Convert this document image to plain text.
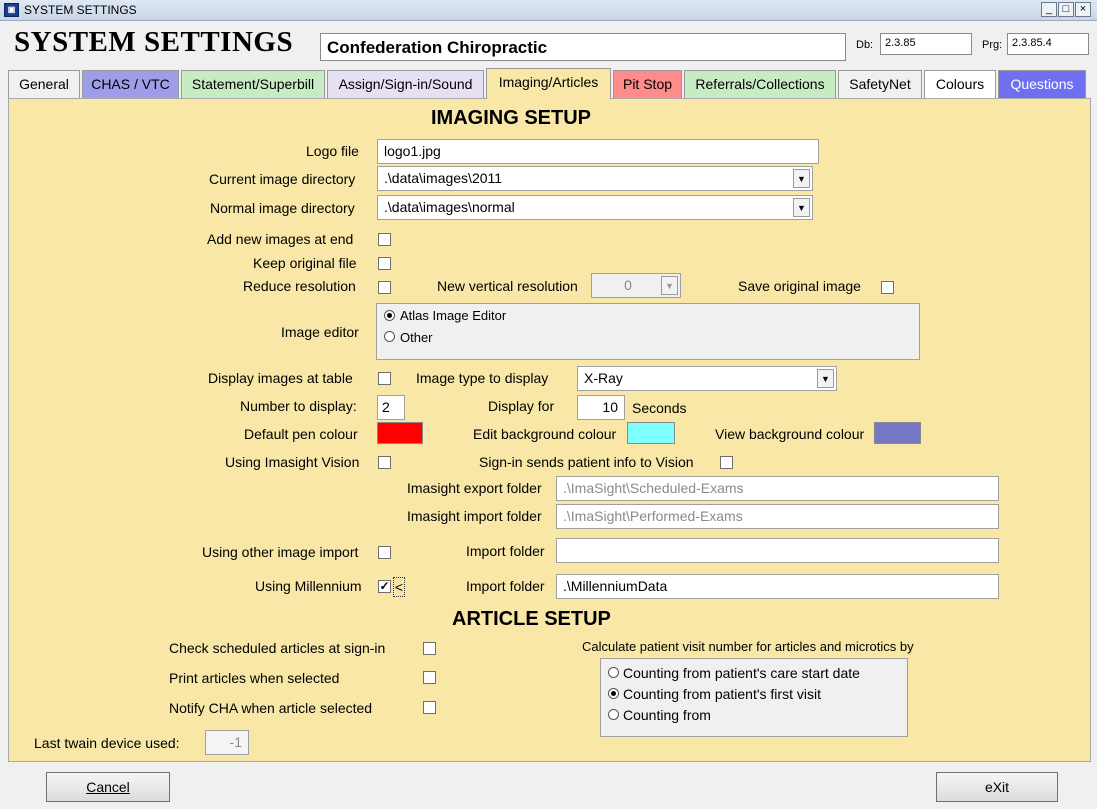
▣ SYSTEM SETTINGS	_ □ ×
SYSTEM SETTINGS	Confederation Chiropractic	Db:	2.3.85	Prg: 2.3.85.4
General	CHAS / VTC	Statement/Superbill	Assign/Sign-in/Sound	Imaging/Articles	Pit Stop	Referrals/Collections	SafetyNet	Colours	Questions
IMAGING SETUP
Logo file	logo1.jpg
Current image directory	.\data\images\2011	▼
Normal image directory	.\data\images\normal	▼
Add new images at end
Keep original file
Reduce resolution	New vertical resolution	0	▼	Save original image
Image editor
Atlas Image Editor
Other
Display images at table	Image type to display	X-Ray	▼
Number to display:	2	Display for	10	Seconds
Default pen colour	Edit background colour	View background colour
Using Imasight Vision	Sign-in sends patient info to Vision
Imasight export folder	.\ImaSight\Scheduled-Exams
Imasight import folder	.\ImaSight\Performed-Exams
Using other image import	Import folder
Using Millennium ✓ <	Import folder	.\MillenniumData
ARTICLE SETUP
Check scheduled articles at sign-in
Print articles when selected
Notify CHA when article selected
Calculate patient visit number for articles and microtics by
Counting from patient's care start date
Counting from patient's first visit
Counting from
Last twain device used:	-1
Cancel	eXit
